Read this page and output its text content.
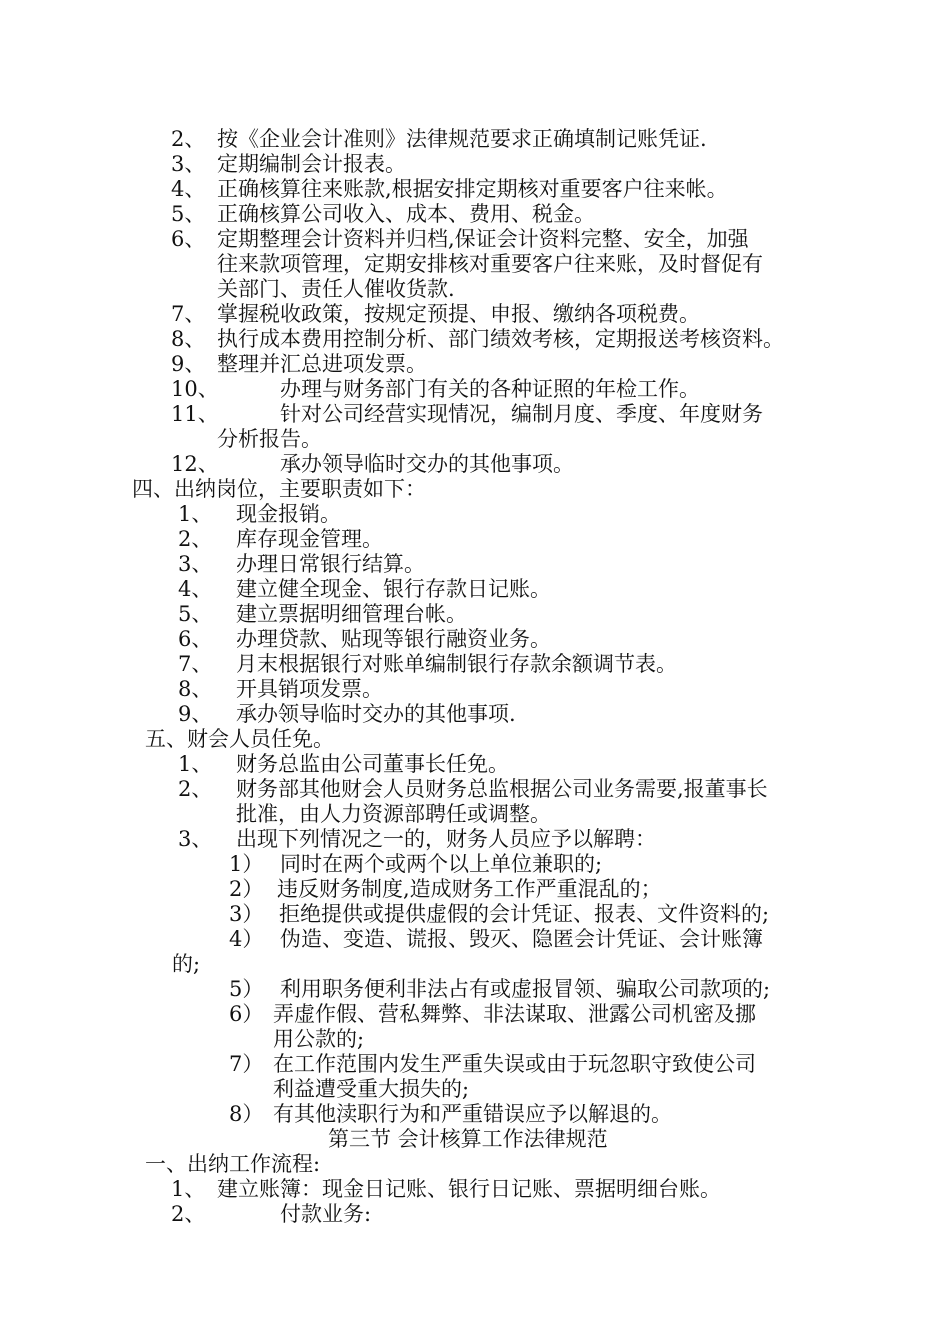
2、 按《企业会计准则》法律规范要求正确填制记账凭证.
3、 定期编制会计报表。
4、 正确核算往来账款,根据安排定期核对重要客户往来帐。
5、 正确核算公司收入、成本、费用、税金。
6、 定期整理会计资料并归档,保证会计资料完整、安全，加强
往来款项管理，定期安排核对重要客户往来账，及时督促有
关部门、责任人催收货款.
7、 掌握税收政策，按规定预提、申报、缴纳各项税费。
8、 执行成本费用控制分析、部门绩效考核，定期报送考核资料。
9、 整理并汇总进项发票。
10、	办理与财务部门有关的各种证照的年检工作。
11、	针对公司经营实现情况，编制月度、季度、年度财务
分析报告。
12、	承办领导临时交办的其他事项。
四、出纳岗位，主要职责如下：
1、 现金报销。
2、 库存现金管理。
3、 办理日常银行结算。
4、 建立健全现金、银行存款日记账。
5、 建立票据明细管理台帐。
6、 办理贷款、贴现等银行融资业务。
7、 月末根据银行对账单编制银行存款余额调节表。
8、 开具销项发票。
9、 承办领导临时交办的其他事项.
五、财会人员任免。
1、 财务总监由公司董事长任免。
2、 财务部其他财会人员财务总监根据公司业务需要,报董事长
批准，由人力资源部聘任或调整。
3、 出现下列情况之一的，财务人员应予以解聘：
1） 同时在两个或两个以上单位兼职的;
2） 违反财务制度,造成财务工作严重混乱的；
3） 拒绝提供或提供虚假的会计凭证、报表、文件资料的;
4） 伪造、变造、谎报、毁灭、隐匿会计凭证、会计账簿
的;
5） 利用职务便利非法占有或虚报冒领、骗取公司款项的;
6） 弄虚作假、营私舞弊、非法谋取、泄露公司机密及挪
用公款的;
7） 在工作范围内发生严重失误或由于玩忽职守致使公司
利益遭受重大损失的;
8） 有其他渎职行为和严重错误应予以解退的。
第三节 会计核算工作法律规范
一、出纳工作流程:
1、 建立账簿：现金日记账、银行日记账、票据明细台账。
2、	付款业务:
